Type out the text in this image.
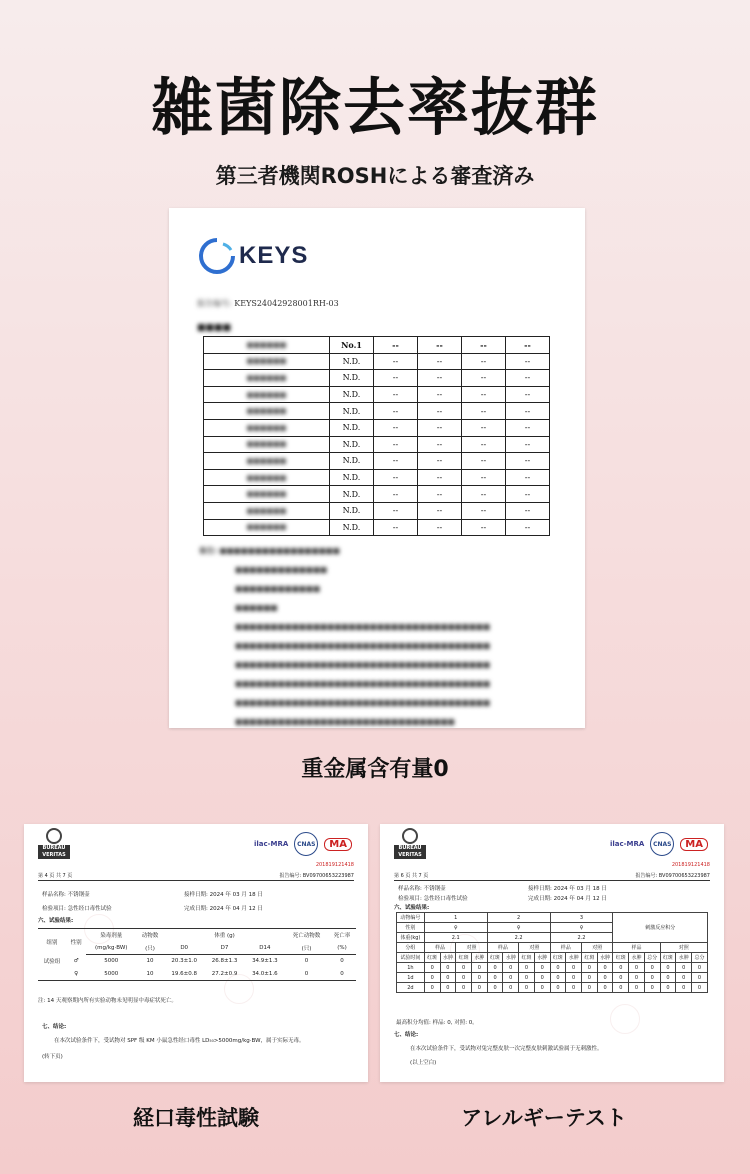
雑菌除去率抜群
第三者機関ROSHによる審査済み
KEYS
报告编号: KEYS24042928001RH-03
■■■■
■■■■■■	No.1	--	--	--	--
■■■■■■	N.D.	--	--	--	--
■■■■■■	N.D.	--	--	--	--
■■■■■■	N.D.	--	--	--	--
■■■■■■	N.D.	--	--	--	--
■■■■■■	N.D.	--	--	--	--
■■■■■■	N.D.	--	--	--	--
■■■■■■	N.D.	--	--	--	--
■■■■■■	N.D.	--	--	--	--
■■■■■■	N.D.	--	--	--	--
■■■■■■	N.D.	--	--	--	--
■■■■■■	N.D.	--	--	--	--
备注: ■■■■■■■■■■■■■■■■■
■■■■■■■■■■■■■
■■■■■■■■■■■■
■■■■■■
■■■■■■■■■■■■■■■■■■■■■■■■■■■■■■■■■■■■
■■■■■■■■■■■■■■■■■■■■■■■■■■■■■■■■■■■■
■■■■■■■■■■■■■■■■■■■■■■■■■■■■■■■■■■■■
■■■■■■■■■■■■■■■■■■■■■■■■■■■■■■■■■■■■
■■■■■■■■■■■■■■■■■■■■■■■■■■■■■■■■■■■■
■■■■■■■■■■■■■■■■■■■■■■■■■■■■■■■
重金属含有量0
BUREAU
VERITAS
ilac-MRA	CNAS	MA
201819121418
第 4 页 共 7 页	报告编号: BV09700653223987
样品名称: 不锈钢壶	接样日期: 2024 年 03 月 18 日
检验项目: 急性经口毒性试验	完成日期: 2024 年 04 月 12 日
六、试验结果:
组别	性别	染毒剂量	动物数	体重 (g)			死亡动物数	死亡率
		(mg/kg·BW)	(只)	D0	D7	D14	(只)	(%)
试验组	♂	5000	10	20.3±1.0	26.8±1.3	34.9±1.3	0	0
	♀	5000	10	19.6±0.8	27.2±0.9	34.0±1.6	0	0
注: 14 天观察期内所有实验动物未见明显中毒症状死亡。
七、结论:
在本次试验条件下，受试物对 SPF 级 KM 小鼠急性经口毒性 LD₅₀>5000mg/kg·BW，属于实际无毒。
(转下页)
経口毒性試験
BUREAU
VERITAS
ilac-MRA	CNAS	MA
201819121418
第 6 页 共 7 页	报告编号: BV09700653223987
样品名称: 不锈钢壶	接样日期: 2024 年 03 月 18 日
检验项目: 急性经口毒性试验	完成日期: 2024 年 04 月 12 日
六、试验结果:
动物编号	1				2				3				刺激反应积分					
性别	♀				♀				♀									
体重(kg)	2.1				2.2				2.2									
分组	样品		对照		样品		对照		样品		对照		样品			对照		
试验时间	红斑	水肿	红斑	水肿	红斑	水肿	红斑	水肿	红斑	水肿	红斑	水肿	红斑	水肿	总分	红斑	水肿	总分
1h	0	0	0	0	0	0	0	0	0	0	0	0	0	0	0	0	0	0
1d	0	0	0	0	0	0	0	0	0	0	0	0	0	0	0	0	0	0
2d	0	0	0	0	0	0	0	0	0	0	0	0	0	0	0	0	0	0
最高积分均值: 样品: 0, 对照: 0。
七、结论:
在本次试验条件下，受试物对兔完整皮肤一次完整皮肤刺激试验属于无刺激性。
(以上空白)
アレルギーテスト
